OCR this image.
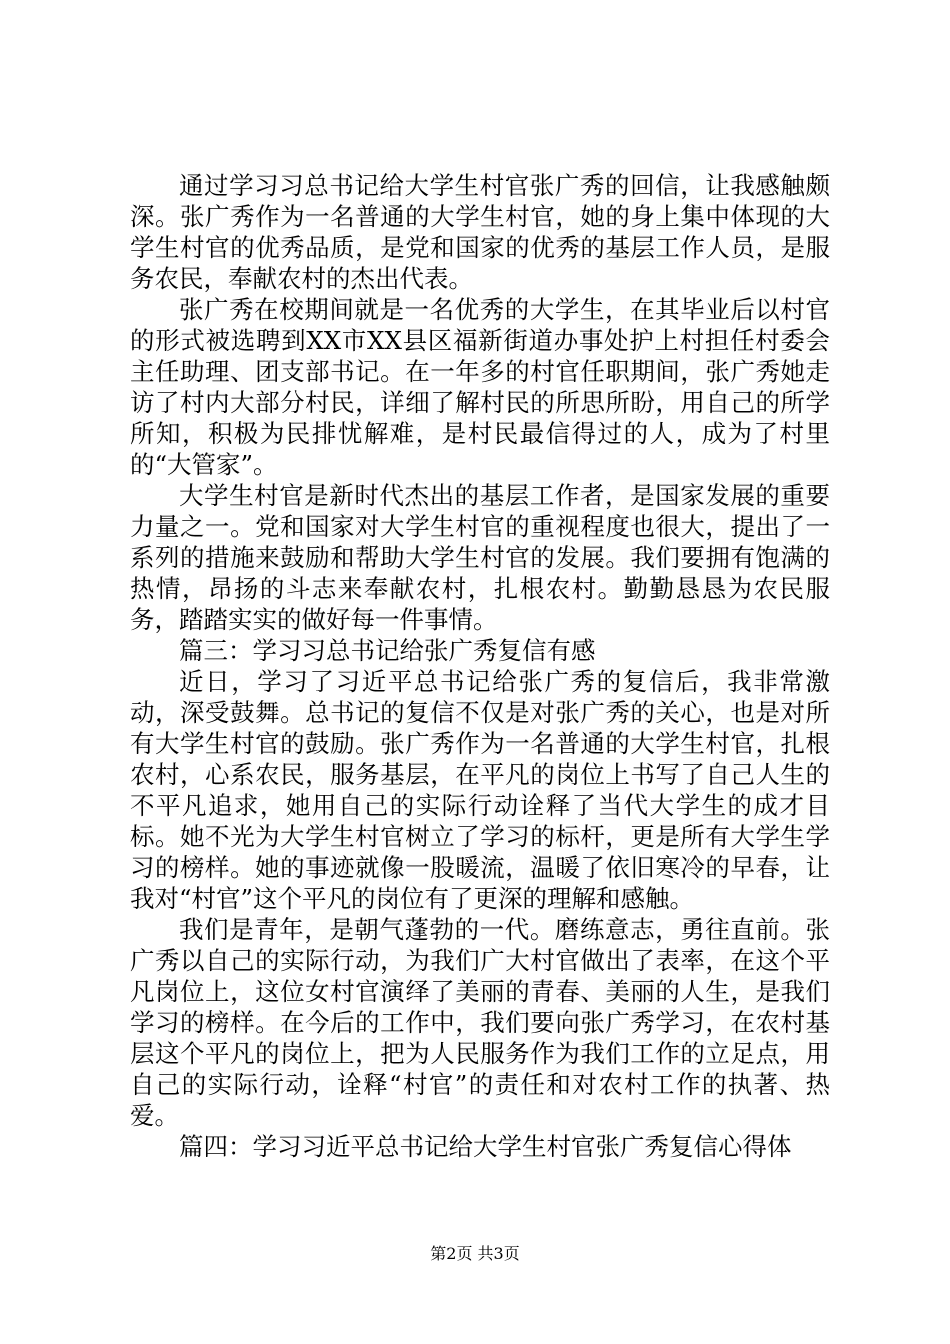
通过学习习总书记给大学生村官张广秀的回信，让我感触颇深。张广秀作为一名普通的大学生村官，她的身上集中体现的大学生村官的优秀品质，是党和国家的优秀的基层工作人员，是服务农民，奉献农村的杰出代表。

张广秀在校期间就是一名优秀的大学生，在其毕业后以村官的形式被选聘到XX市XX县区福新街道办事处护上村担任村委会主任助理、团支部书记。在一年多的村官任职期间，张广秀她走访了村内大部分村民，详细了解村民的所思所盼，用自己的所学所知，积极为民排忧解难，是村民最信得过的人，成为了村里的“大管家”。

大学生村官是新时代杰出的基层工作者，是国家发展的重要力量之一。党和国家对大学生村官的重视程度也很大，提出了一系列的措施来鼓励和帮助大学生村官的发展。我们要拥有饱满的热情，昂扬的斗志来奉献农村，扎根农村。勤勤恳恳为农民服务，踏踏实实的做好每一件事情。

篇三：学习习总书记给张广秀复信有感

近日，学习了习近平总书记给张广秀的复信后，我非常激动，深受鼓舞。总书记的复信不仅是对张广秀的关心，也是对所有大学生村官的鼓励。张广秀作为一名普通的大学生村官，扎根农村，心系农民，服务基层，在平凡的岗位上书写了自己人生的不平凡追求，她用自己的实际行动诠释了当代大学生的成才目标。她不光为大学生村官树立了学习的标杆，更是所有大学生学习的榜样。她的事迹就像一股暖流，温暖了依旧寒冷的早春，让我对“村官”这个平凡的岗位有了更深的理解和感触。

我们是青年，是朝气蓬勃的一代。磨练意志，勇往直前。张广秀以自己的实际行动，为我们广大村官做出了表率，在这个平凡岗位上，这位女村官演绎了美丽的青春、美丽的人生，是我们学习的榜样。在今后的工作中，我们要向张广秀学习，在农村基层这个平凡的岗位上，把为人民服务作为我们工作的立足点，用自己的实际行动，诠释“村官”的责任和对农村工作的执著、热爱。

篇四：学习习近平总书记给大学生村官张广秀复信心得体

第2页 共3页
